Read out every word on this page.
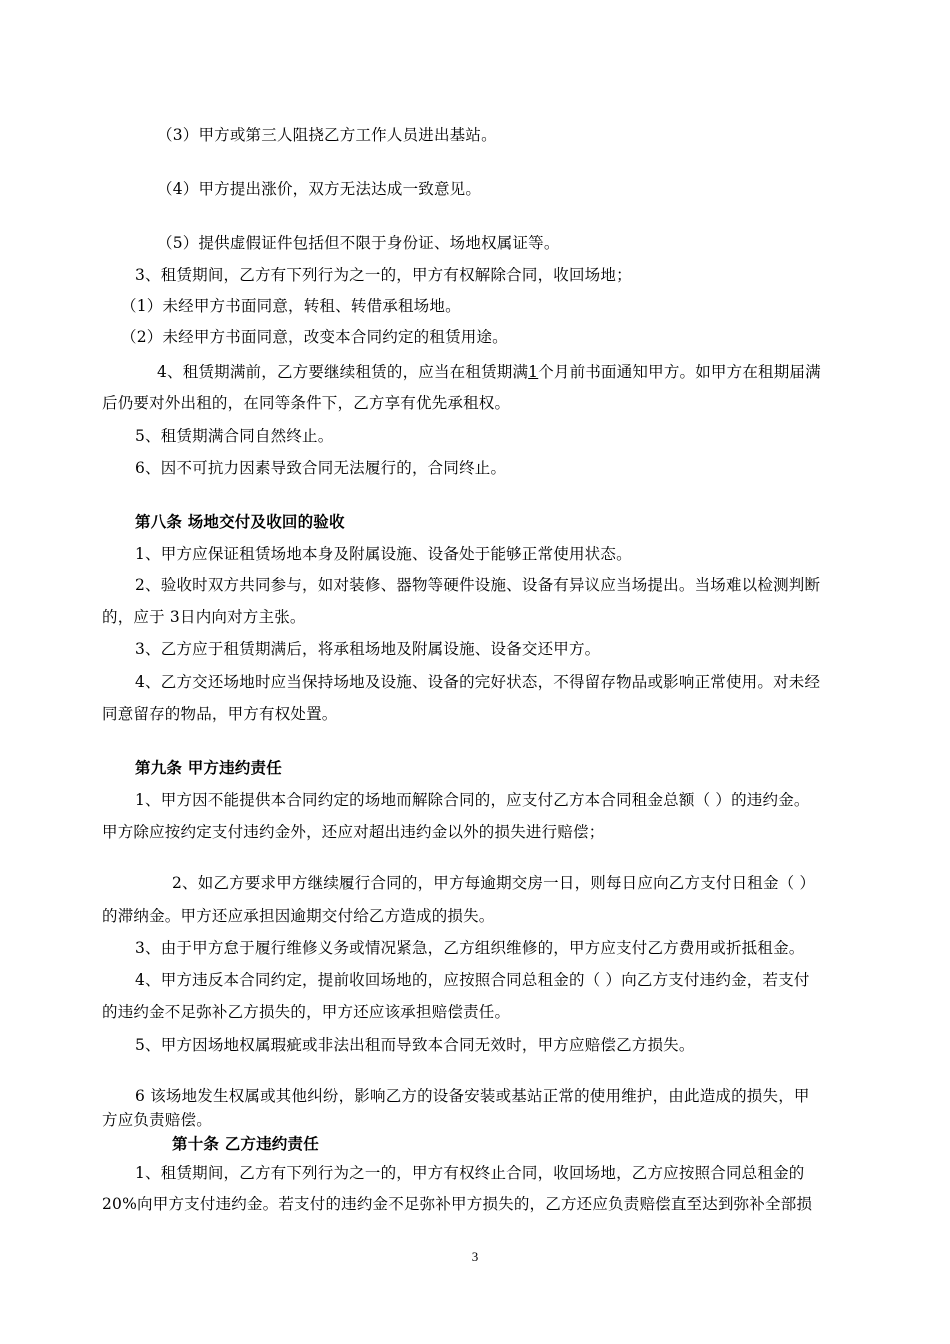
（3）甲方或第三人阻挠乙方工作人员进出基站。
（4）甲方提出涨价，双方无法达成一致意见。
（5）提供虚假证件包括但不限于身份证、场地权属证等。
3、租赁期间，乙方有下列行为之一的，甲方有权解除合同，收回场地；
（1）未经甲方书面同意，转租、转借承租场地。
（2）未经甲方书面同意，改变本合同约定的租赁用途。
4、租赁期满前，乙方要继续租赁的，应当在租赁期满1个月前书面通知甲方。如甲方在租期届满
后仍要对外出租的，在同等条件下，乙方享有优先承租权。
5、租赁期满合同自然终止。
6、因不可抗力因素导致合同无法履行的，合同终止。
第八条 场地交付及收回的验收
1、甲方应保证租赁场地本身及附属设施、设备处于能够正常使用状态。
2、验收时双方共同参与，如对装修、器物等硬件设施、设备有异议应当场提出。当场难以检测判断
的，应于 3日内向对方主张。
3、乙方应于租赁期满后，将承租场地及附属设施、设备交还甲方。
4、乙方交还场地时应当保持场地及设施、设备的完好状态，不得留存物品或影响正常使用。对未经
同意留存的物品，甲方有权处置。
第九条 甲方违约责任
1、甲方因不能提供本合同约定的场地而解除合同的，应支付乙方本合同租金总额（ ）的违约金。
甲方除应按约定支付违约金外，还应对超出违约金以外的损失进行赔偿；
2、如乙方要求甲方继续履行合同的，甲方每逾期交房一日，则每日应向乙方支付日租金（ ）
的滞纳金。甲方还应承担因逾期交付给乙方造成的损失。
3、由于甲方怠于履行维修义务或情况紧急，乙方组织维修的，甲方应支付乙方费用或折抵租金。
4、甲方违反本合同约定，提前收回场地的，应按照合同总租金的（ ）向乙方支付违约金，若支付
的违约金不足弥补乙方损失的，甲方还应该承担赔偿责任。
5、甲方因场地权属瑕疵或非法出租而导致本合同无效时，甲方应赔偿乙方损失。
6 该场地发生权属或其他纠纷，影响乙方的设备安装或基站正常的使用维护，由此造成的损失，甲
方应负责赔偿。
第十条 乙方违约责任
1、租赁期间，乙方有下列行为之一的，甲方有权终止合同，收回场地，乙方应按照合同总租金的
20%向甲方支付违约金。若支付的违约金不足弥补甲方损失的，乙方还应负责赔偿直至达到弥补全部损
3
